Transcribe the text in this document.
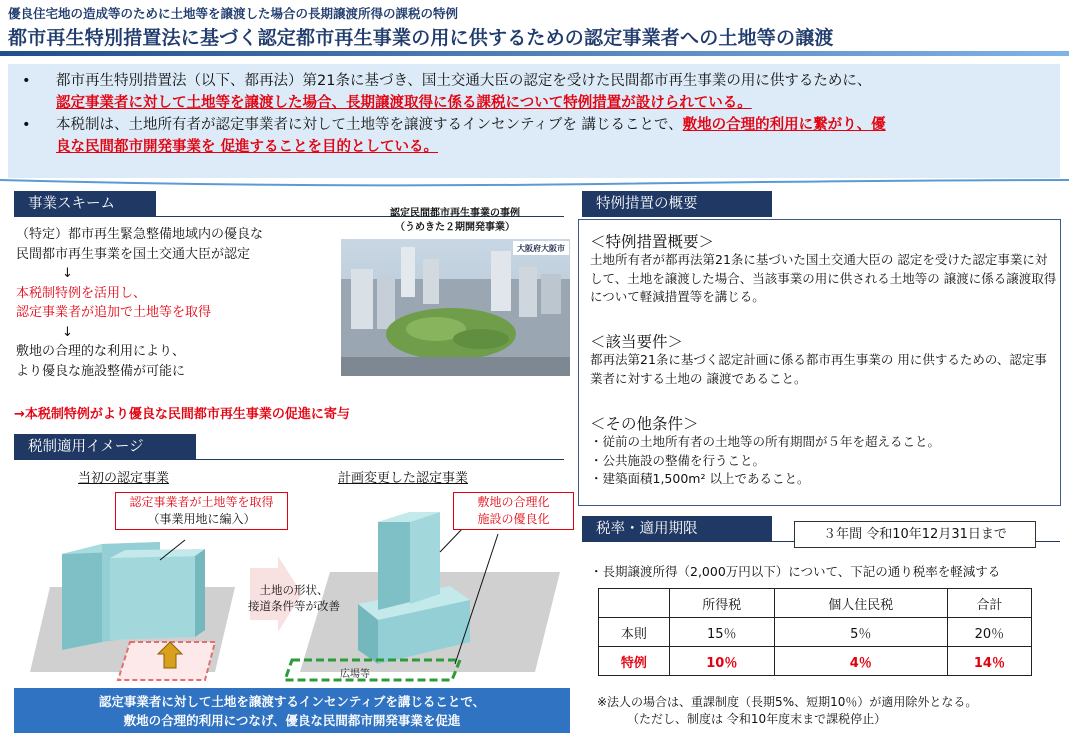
優良住宅地の造成等のために土地等を譲渡した場合の長期譲渡所得の課税の特例
都市再生特別措置法に基づく認定都市再生事業の用に供するための認定事業者への土地等の譲渡
•	都市再生特別措置法（以下、都再法）第21条に基づき、国土交通大臣の認定を受けた民間都市再生事業の用に供するために、
認定事業者に対して土地等を譲渡した場合、長期譲渡取得に係る課税について特例措置が設けられている。
•	本税制は、土地所有者が認定事業者に対して土地等を譲渡するインセンティブを 講じることで、敷地の合理的利用に繋がり、優
良な民間都市開発事業を 促進することを目的としている。
事業スキーム
（特定）都市再生緊急整備地域内の優良な
民間都市再生事業を国土交通大臣が認定
↓
本税制特例を活用し、
認定事業者が追加で土地等を取得
↓
敷地の合理的な利用により、
より優良な施設整備が可能に
→本税制特例がより優良な民間都市再生事業の促進に寄与
認定民間都市再生事業の事例
（うめきた２期開発事業）
大阪府大阪市
税制適用イメージ
当初の認定事業	計画変更した認定事業
認定事業者が土地等を取得
（事業用地に編入）
敷地の合理化
施設の優良化
土地の形状、
接道条件等が改善
広場等
認定事業者に対して土地を譲渡するインセンティブを講じることで、
敷地の合理的利用につなげ、優良な民間都市開発事業を促進
特例措置の概要
＜特例措置概要＞
土地所有者が都再法第21条に基づいた国土交通大臣の 認定を受けた認定事業に対して、土地を譲渡した場合、当該事業の用に供される土地等の 譲渡に係る譲渡取得について軽減措置等を講じる。
＜該当要件＞
都再法第21条に基づく認定計画に係る都市再生事業の 用に供するための、認定事業者に対する土地の 譲渡であること。
＜その他条件＞
・従前の土地所有者の土地等の所有期間が５年を超えること。
・公共施設の整備を行うこと。
・建築面積1,500m² 以上であること。
税率・適用期限	３年間 令和10年12月31日まで
・長期譲渡所得（2,000万円以下）について、下記の通り税率を軽減する
	所得税	個人住民税	合計
本則	15％	5％	20％
特例	10％	4％	14％
※法人の場合は、重課制度（長期5%、短期10％）が適用除外となる。
（ただし、制度は 令和10年度末まで課税停止）
